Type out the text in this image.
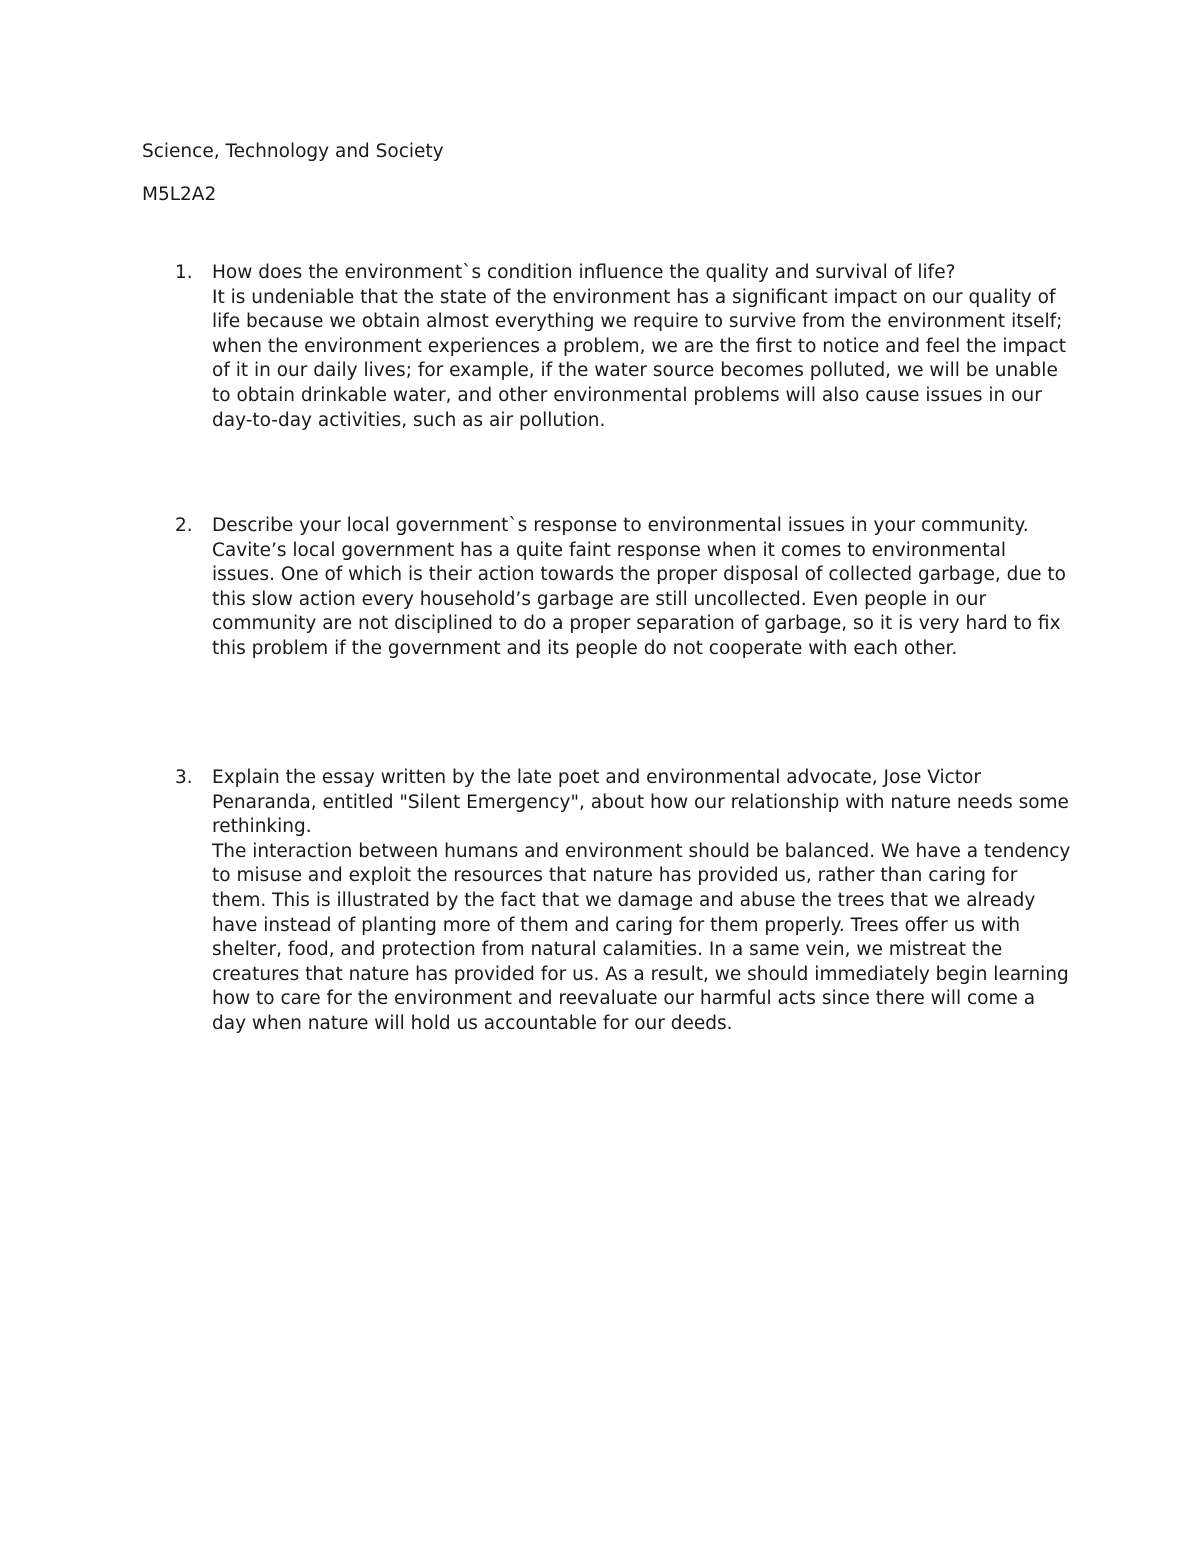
Science, Technology and Society
M5L2A2
1.	How does the environment`s condition influence the quality and survival of life?

It is undeniable that the state of the environment has a significant impact on our quality of life because we obtain almost everything we require to survive from the environment itself; when the environment experiences a problem, we are the first to notice and feel the impact of it in our daily lives; for example, if the water source becomes polluted, we will be unable to obtain drinkable water, and other environmental problems will also cause issues in our day-to-day activities, such as air pollution.

2.	Describe your local government`s response to environmental issues in your community.

Cavite’s local government has a quite faint response when it comes to environmental issues. One of which is their action towards the proper disposal of collected garbage, due to this slow action every household’s garbage are still uncollected. Even people in our community are not disciplined to do a proper separation of garbage, so it is very hard to fix this problem if the government and its people do not cooperate with each other.

3.	Explain the essay written by the late poet and environmental advocate, Jose Victor Penaranda, entitled "Silent Emergency", about how our relationship with nature needs some rethinking.

The interaction between humans and environment should be balanced. We have a tendency to misuse and exploit the resources that nature has provided us, rather than caring for them. This is illustrated by the fact that we damage and abuse the trees that we already have instead of planting more of them and caring for them properly. Trees offer us with shelter, food, and protection from natural calamities. In a same vein, we mistreat the creatures that nature has provided for us. As a result, we should immediately begin learning how to care for the environment and reevaluate our harmful acts since there will come a day when nature will hold us accountable for our deeds.
